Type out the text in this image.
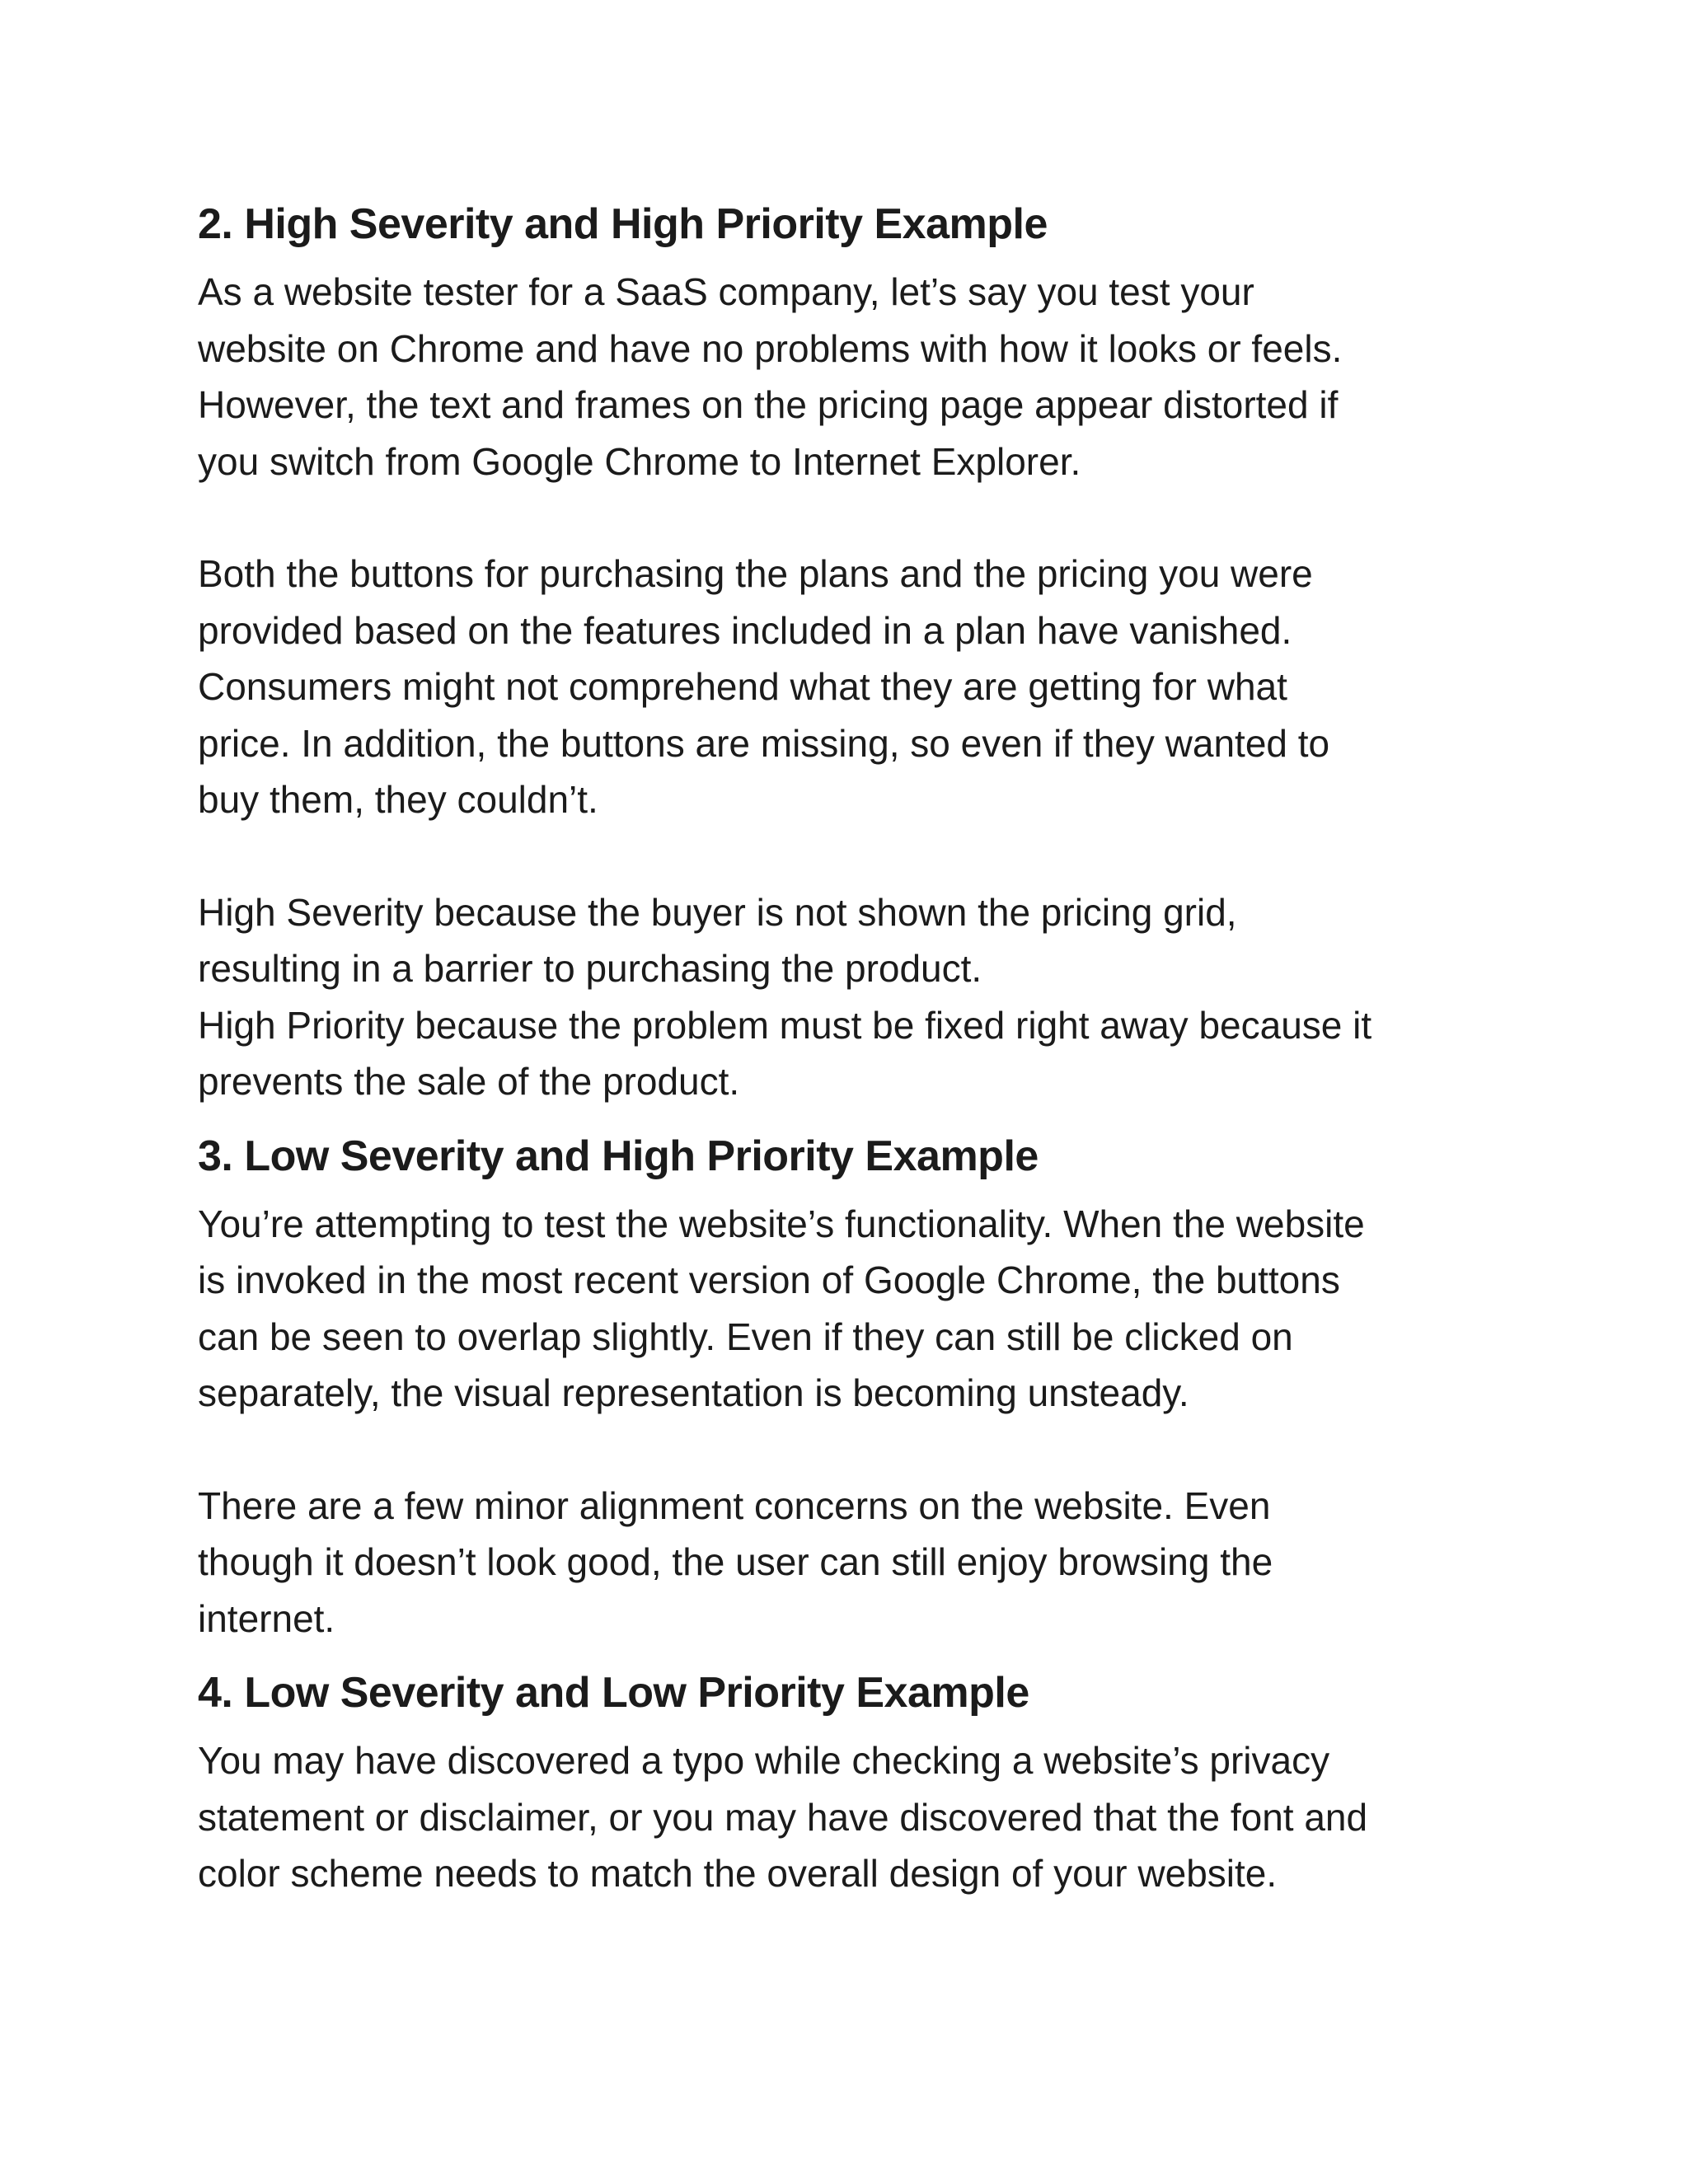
2. High Severity and High Priority Example

As a website tester for a SaaS company, let’s say you test your
website on Chrome and have no problems with how it looks or feels.
However, the text and frames on the pricing page appear distorted if
you switch from Google Chrome to Internet Explorer.

Both the buttons for purchasing the plans and the pricing you were
provided based on the features included in a plan have vanished.
Consumers might not comprehend what they are getting for what
price. In addition, the buttons are missing, so even if they wanted to
buy them, they couldn’t.

High Severity because the buyer is not shown the pricing grid,
resulting in a barrier to purchasing the product.
High Priority because the problem must be fixed right away because it
prevents the sale of the product.

3. Low Severity and High Priority Example

You’re attempting to test the website’s functionality. When the website
is invoked in the most recent version of Google Chrome, the buttons
can be seen to overlap slightly. Even if they can still be clicked on
separately, the visual representation is becoming unsteady.

There are a few minor alignment concerns on the website. Even
though it doesn’t look good, the user can still enjoy browsing the
internet.

4. Low Severity and Low Priority Example

You may have discovered a typo while checking a website’s privacy
statement or disclaimer, or you may have discovered that the font and
color scheme needs to match the overall design of your website.
